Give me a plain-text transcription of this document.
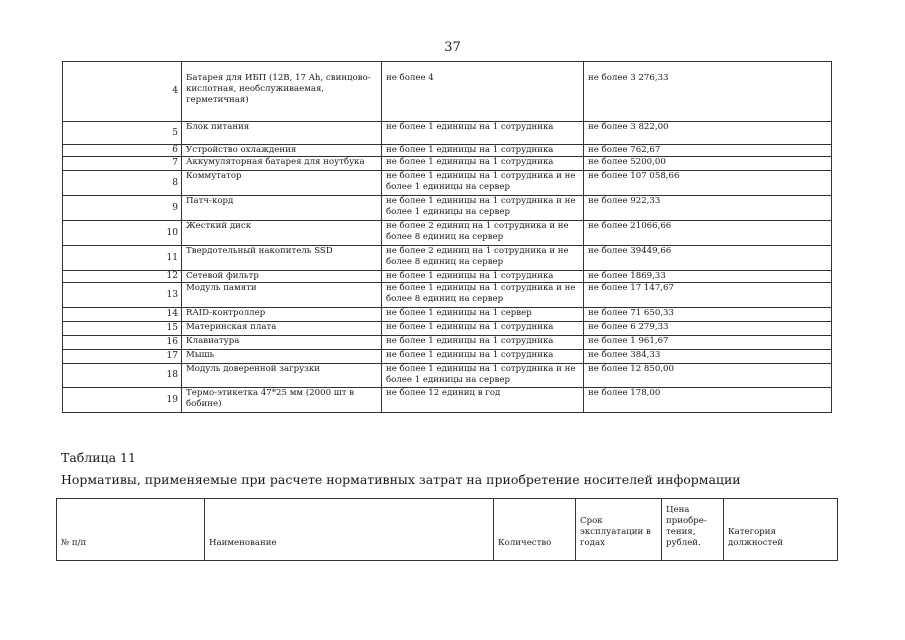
37
4	Батарея для ИБП (12В, 17 Ah, свинцово-кислотная, необслуживаемая, герметичная)	не более 4	не более 3 276,33
5	Блок питания	не более 1 единицы на 1 сотрудника	не более 3 822,00
6	Устройство охлаждения	не более 1 единицы на 1 сотрудника	не более 762,67
7	Аккумуляторная батарея для ноутбука	не более 1 единицы на 1 сотрудника	не более 5200,00
8	Коммутатор	не более 1 единицы на 1 сотрудника и не более 1 единицы на сервер	не более 107 058,66
9	Патч-корд	не более 1 единицы на 1 сотрудника и не более 1 единицы на сервер	не более 922,33
10	Жесткий диск	не более 2 единиц на 1 сотрудника и не более 8 единиц на сервер	не более 21066,66
11	Твердотельный накопитель SSD	не более 2 единиц на 1 сотрудника и не более 8 единиц на сервер	не более 39449,66
12	Сетевой фильтр	не более 1 единицы на 1 сотрудника	не более 1869,33
13	Модуль памяти	не более 1 единицы на 1 сотрудника и не более 8 единиц на сервер	не более 17 147,67
14	RAID-контроллер	не более 1 единицы на 1 сервер	не более 71 650,33
15	Материнская плата	не более 1 единицы на 1 сотрудника	не более 6 279,33
16	Клавиатура	не более 1 единицы на 1 сотрудника	не более 1 961,67
17	Мышь	не более 1 единицы на 1 сотрудника	не более 384,33
18	Модуль доверенной загрузки	не более 1 единицы на 1 сотрудника и не более 1 единицы на сервер	не более 12 850,00
19	Термо-этикетка 47*25 мм (2000 шт в бобине)	не более 12 единиц в год	не более 178,00
Таблица 11
Нормативы, применяемые при расчете нормативных затрат на приобретение носителей информации
№ п/п	Наименование	Количество	Срок эксплуатации в годах	Цена приобре-тения, рублей.	Категория должностей
